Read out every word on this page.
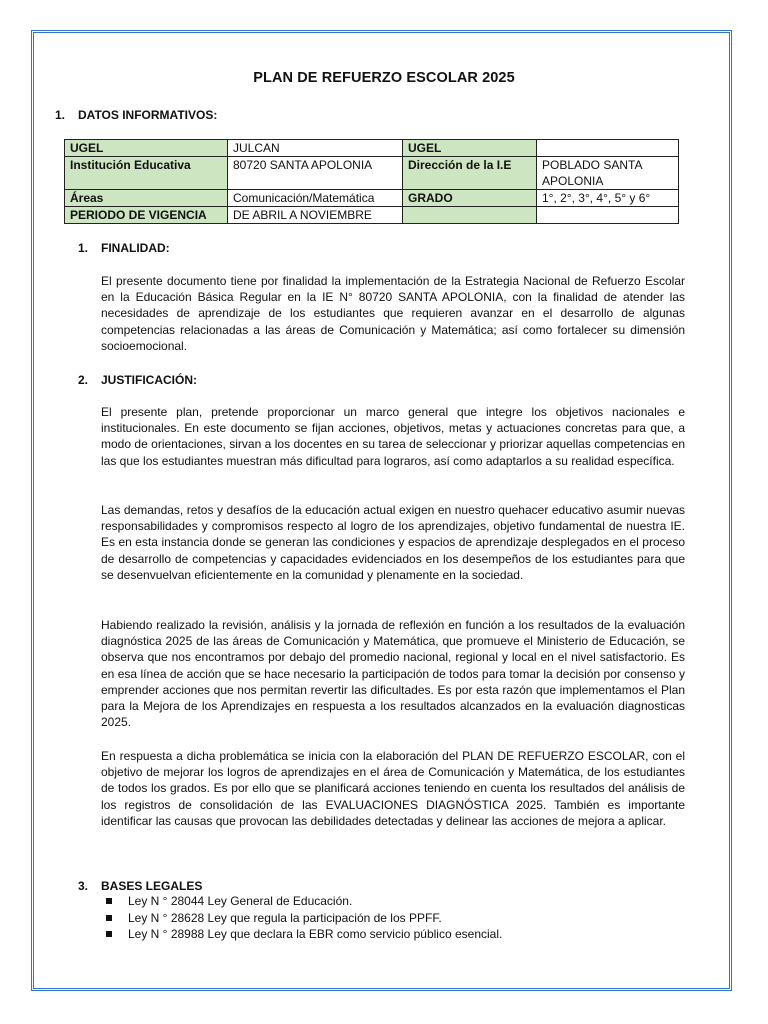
PLAN DE REFUERZO ESCOLAR 2025
1. DATOS INFORMATIVOS:
UGEL	JULCAN	UGEL	
Institución Educativa	80720 SANTA APOLONIA	Dirección de la I.E	POBLADO SANTA APOLONIA
Áreas	Comunicación/Matemática	GRADO	1°, 2°, 3°, 4°, 5° y 6°
PERIODO DE VIGENCIA	DE ABRIL A NOVIEMBRE		
1. FINALIDAD:

El presente documento tiene por finalidad la implementación de la Estrategia Nacional de Refuerzo Escolar en la Educación Básica Regular en la IE N° 80720 SANTA APOLONIA, con la finalidad de atender las necesidades de aprendizaje de los estudiantes que requieren avanzar en el desarrollo de algunas competencias relacionadas a las áreas de Comunicación y Matemática; así como fortalecer su dimensión socioemocional.

2. JUSTIFICACIÓN:

El presente plan, pretende proporcionar un marco general que integre los objetivos nacionales e institucionales. En este documento se fijan acciones, objetivos, metas y actuaciones concretas para que, a modo de orientaciones, sirvan a los docentes en su tarea de seleccionar y priorizar aquellas competencias en las que los estudiantes muestran más dificultad para lograros, así como adaptarlos a su realidad específica.

Las demandas, retos y desafíos de la educación actual exigen en nuestro quehacer educativo asumir nuevas responsabilidades y compromisos respecto al logro de los aprendizajes, objetivo fundamental de nuestra IE. Es en esta instancia donde se generan las condiciones y espacios de aprendizaje desplegados en el proceso de desarrollo de competencias y capacidades evidenciados en los desempeños de los estudiantes para que se desenvuelvan eficientemente en la comunidad y plenamente en la sociedad.

Habiendo realizado la revisión, análisis y la jornada de reflexión en función a los resultados de la evaluación diagnóstica 2025 de las áreas de Comunicación y Matemática, que promueve el Ministerio de Educación, se observa que nos encontramos por debajo del promedio nacional, regional y local en el nivel satisfactorio. Es en esa línea de acción que se hace necesario la participación de todos para tomar la decisión por consenso y emprender acciones que nos permitan revertir las dificultades. Es por esta razón que implementamos el Plan para la Mejora de los Aprendizajes en respuesta a los resultados alcanzados en la evaluación diagnosticas 2025.

En respuesta a dicha problemática se inicia con la elaboración del PLAN DE REFUERZO ESCOLAR, con el objetivo de mejorar los logros de aprendizajes en el área de Comunicación y Matemática, de los estudiantes de todos los grados. Es por ello que se planificará acciones teniendo en cuenta los resultados del análisis de los registros de consolidación de las EVALUACIONES DIAGNÓSTICA 2025. También es importante identificar las causas que provocan las debilidades detectadas y delinear las acciones de mejora a aplicar.

3. BASES LEGALES
Ley N ° 28044 Ley General de Educación.
Ley N ° 28628 Ley que regula la participación de los PPFF.
Ley N ° 28988 Ley que declara la EBR como servicio público esencial.
